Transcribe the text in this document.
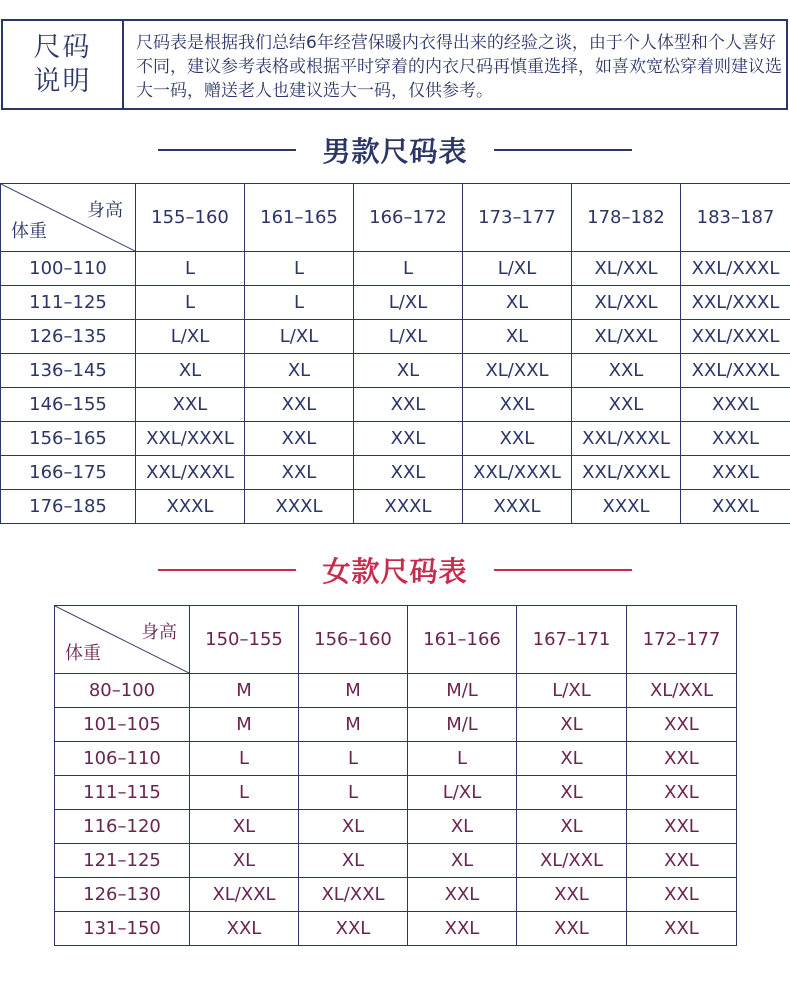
尺码
说明
尺码表是根据我们总结6年经营保暖内衣得出来的经验之谈，由于个人体型和个人喜好不同，建议参考表格或根据平时穿着的内衣尺码再慎重选择，如喜欢宽松穿着则建议选大一码，赠送老人也建议选大一码，仅供参考。
男款尺码表
身高
体重	155–160	161–165	166–172	173–177	178–182	183–187
100–110	L	L	L	L/XL	XL/XXL	XXL/XXXL
111–125	L	L	L/XL	XL	XL/XXL	XXL/XXXL
126–135	L/XL	L/XL	L/XL	XL	XL/XXL	XXL/XXXL
136–145	XL	XL	XL	XL/XXL	XXL	XXL/XXXL
146–155	XXL	XXL	XXL	XXL	XXL	XXXL
156–165	XXL/XXXL	XXL	XXL	XXL	XXL/XXXL	XXXL
166–175	XXL/XXXL	XXL	XXL	XXL/XXXL	XXL/XXXL	XXXL
176–185	XXXL	XXXL	XXXL	XXXL	XXXL	XXXL
女款尺码表
身高
体重	150–155	156–160	161–166	167–171	172–177
80–100	M	M	M/L	L/XL	XL/XXL
101–105	M	M	M/L	XL	XXL
106–110	L	L	L	XL	XXL
111–115	L	L	L/XL	XL	XXL
116–120	XL	XL	XL	XL	XXL
121–125	XL	XL	XL	XL/XXL	XXL
126–130	XL/XXL	XL/XXL	XXL	XXL	XXL
131–150	XXL	XXL	XXL	XXL	XXL
